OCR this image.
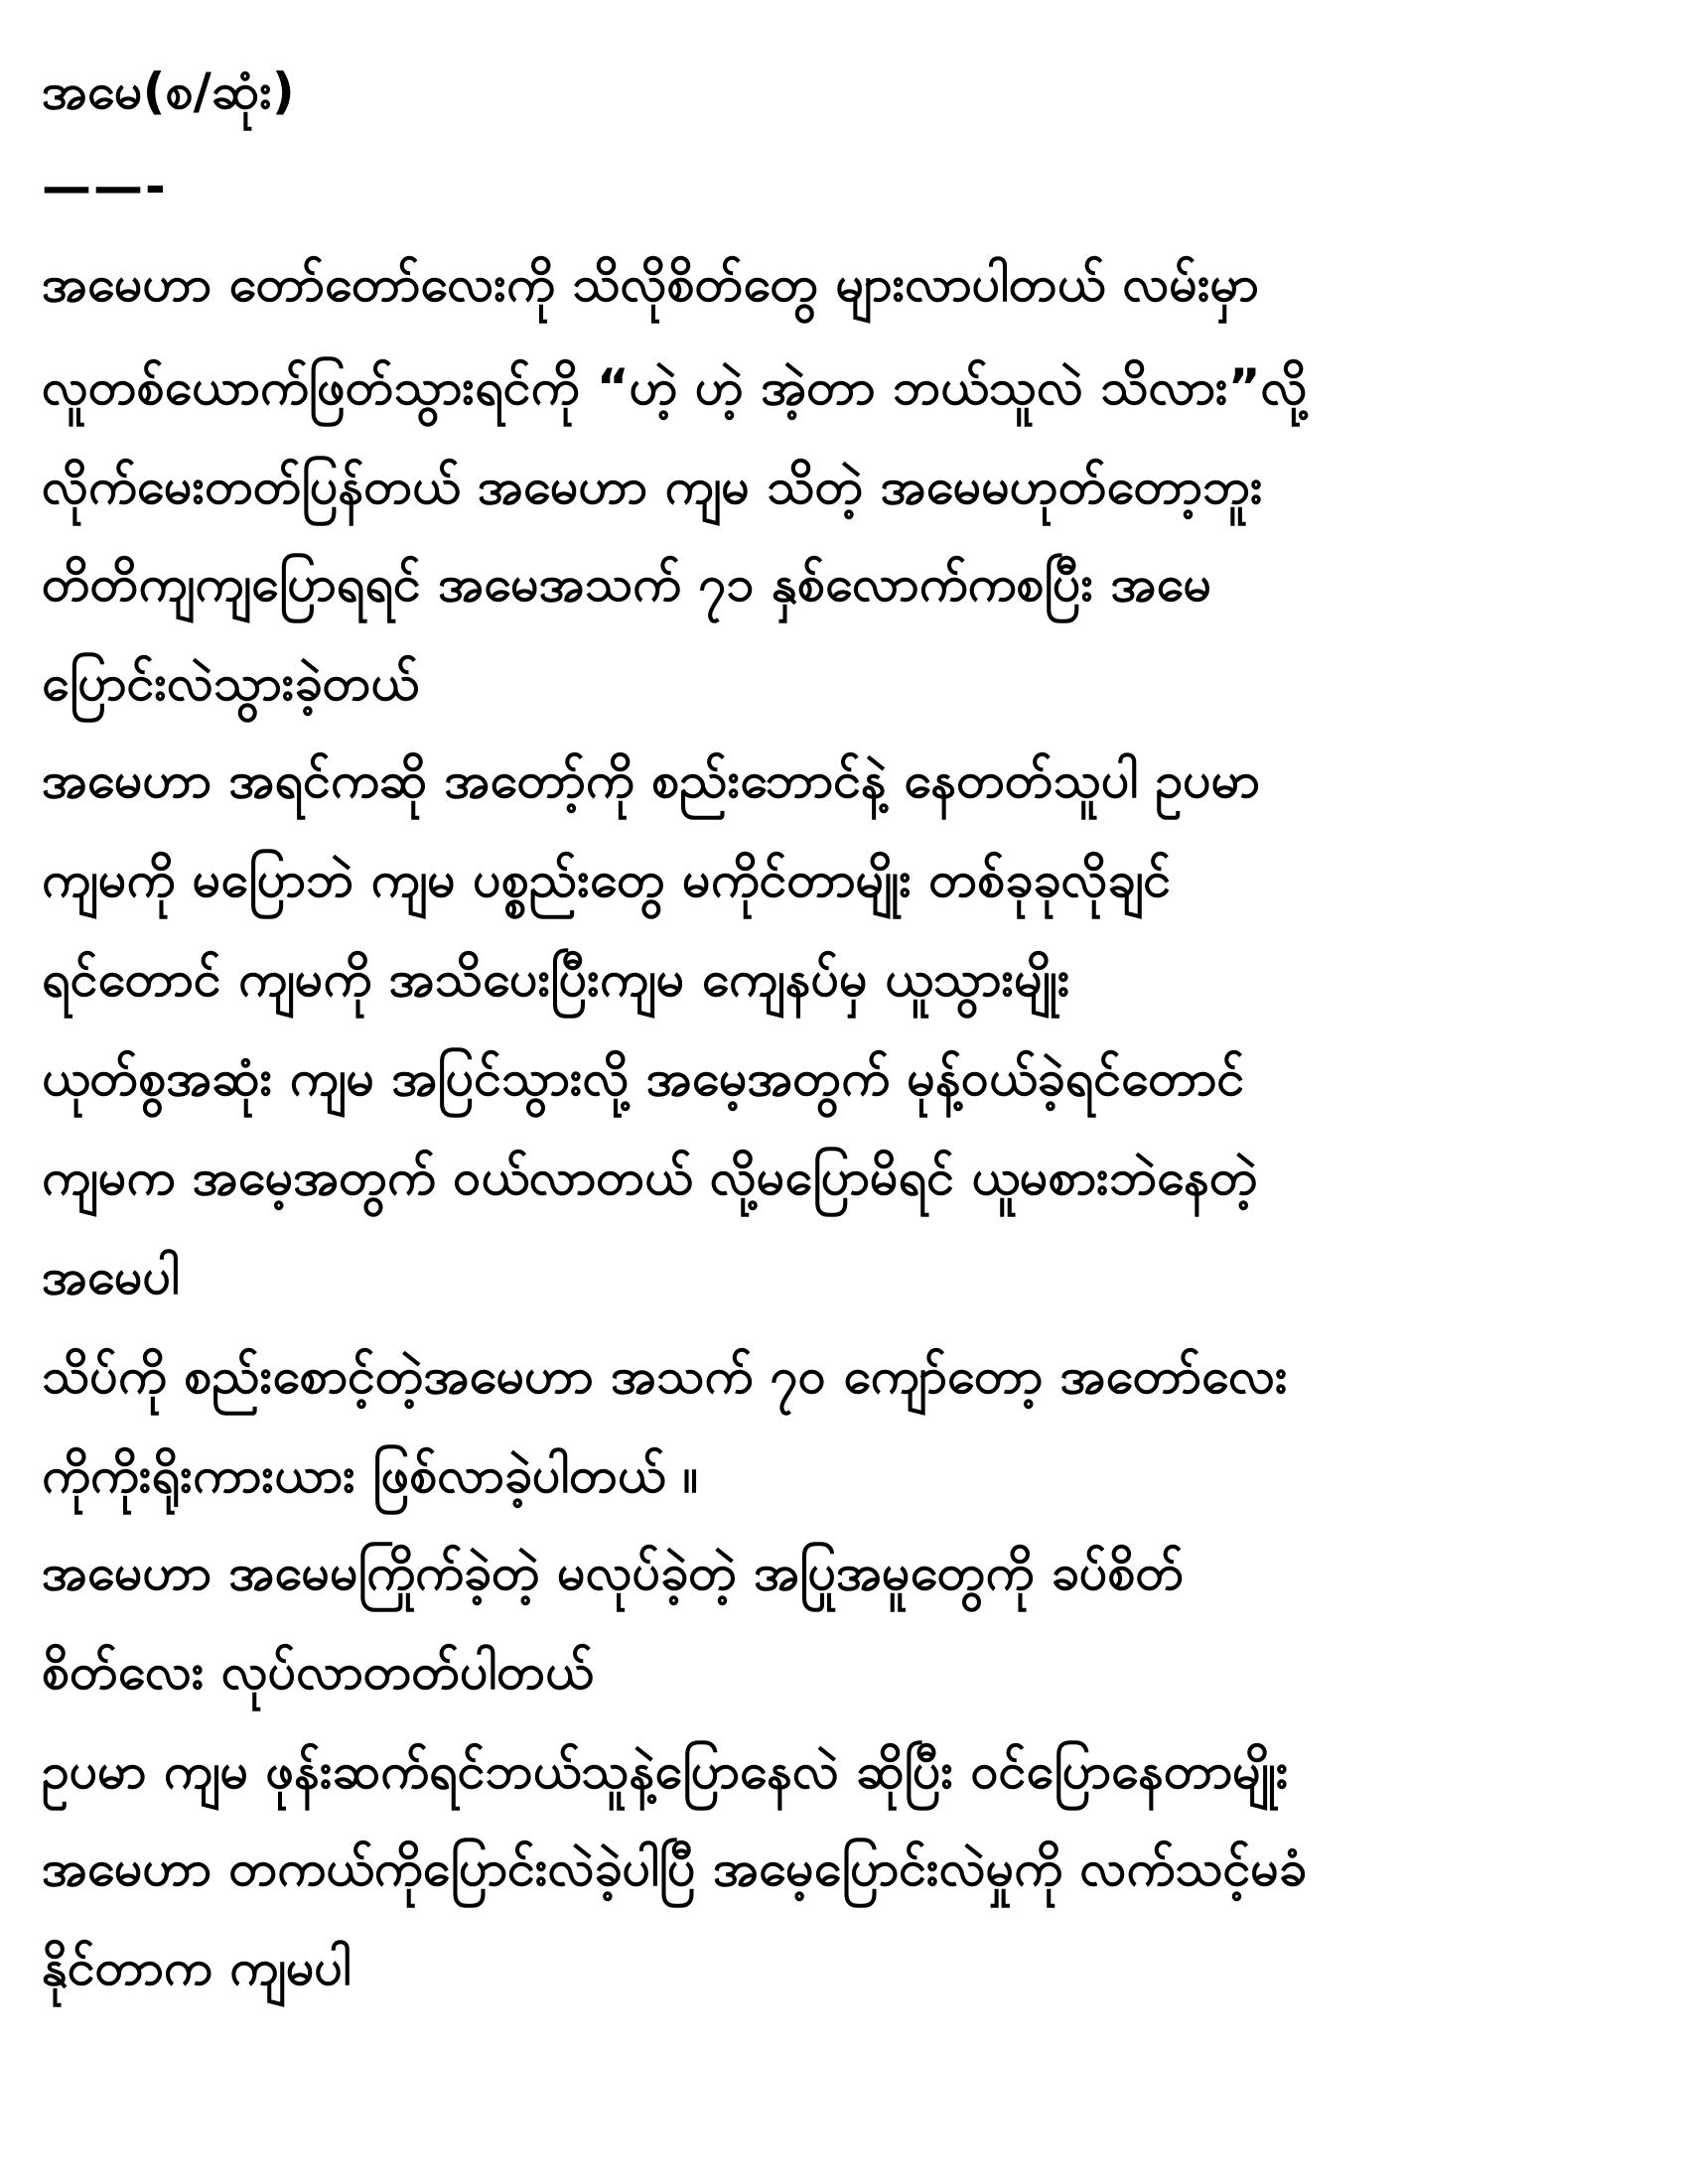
အမေ(စ/ဆုံး)
——-
အမေဟာ တော်တော်လေးကို သိလိုစိတ်တွေ များလာပါတယ် လမ်းမှာ
လူတစ်ယောက်ဖြတ်သွားရင်ကို “ဟဲ့ ဟဲ့ အဲ့တာ ဘယ်သူလဲ သိလား”လို့
လိုက်မေးတတ်ပြန်တယ် အမေဟာ ကျမ သိတဲ့ အမေမဟုတ်တော့ဘူး
တိတိကျကျပြောရရင် အမေအသက် ၇၁ နှစ်လောက်ကစပြီး အမေ
ပြောင်းလဲသွားခဲ့တယ်
အမေဟာ အရင်ကဆို အတော့်ကို စည်းဘောင်နဲ့ နေတတ်သူပါ ဥပမာ
ကျမကို မပြောဘဲ ကျမ ပစ္စည်းတွေ မကိုင်တာမျိုး တစ်ခုခုလိုချင်
ရင်တောင် ကျမကို အသိပေးပြီးကျမ ကျေနပ်မှ ယူသွားမျိုး
ယုတ်စွအဆုံး ကျမ အပြင်သွားလို့ အမေ့အတွက် မုန့်ဝယ်ခဲ့ရင်တောင်
ကျမက အမေ့အတွက် ဝယ်လာတယ် လို့မပြောမိရင် ယူမစားဘဲနေတဲ့
အမေပါ
သိပ်ကို စည်းစောင့်တဲ့အမေဟာ အသက် ၇၀ ကျော်တော့ အတော်လေး
ကိုကိုးရိုးကားယား ဖြစ်လာခဲ့ပါတယ် ။
အမေဟာ အမေမကြိုက်ခဲ့တဲ့ မလုပ်ခဲ့တဲ့ အပြုအမူတွေကို ခပ်စိတ်
စိတ်လေး လုပ်လာတတ်ပါတယ်
ဥပမာ ကျမ ဖုန်းဆက်ရင်ဘယ်သူနဲ့ပြောနေလဲ ဆိုပြီး ဝင်ပြောနေတာမျိုး
အမေဟာ တကယ်ကိုပြောင်းလဲခဲ့ပါပြီ အမေ့ပြောင်းလဲမှုကို လက်သင့်မခံ
နိုင်တာက ကျမပါ
